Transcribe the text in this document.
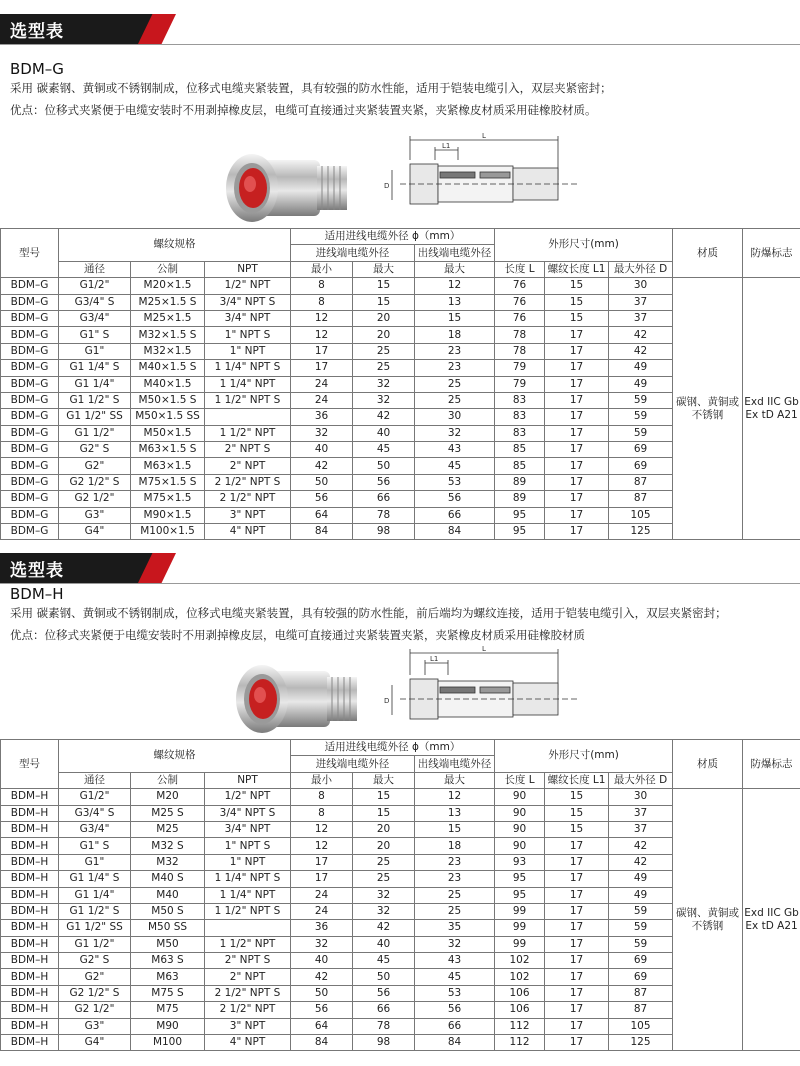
选型表
BDM–G
采用 碳素钢、黄铜或不锈钢制成，位移式电缆夹紧装置，具有较强的防水性能，适用于铠装电缆引入，双层夹紧密封；
优点：位移式夹紧便于电缆安装时不用剥掉橡皮层，电缆可直接通过夹紧装置夹紧，夹紧橡皮材质采用硅橡胶材质。
L
L1
D
型号	螺纹规格			适用进线电缆外径 ϕ（mm）			外形尺寸(mm)			材质	防爆标志
				进线端电缆外径		出线端电缆外径					
	通径	公制	NPT	最小	最大	最大	长度 L	螺纹长度 L1	最大外径 D		
BDM–G	G1/2"	M20×1.5	1/2" NPT	8	15	12	76	15	30	碳钢、黄铜或不锈钢	Exd IIC Gb Ex tD A21
BDM–G	G3/4" S	M25×1.5 S	3/4" NPT S	8	15	13	76	15	37		
BDM–G	G3/4"	M25×1.5	3/4" NPT	12	20	15	76	15	37		
BDM–G	G1" S	M32×1.5 S	1" NPT S	12	20	18	78	17	42		
BDM–G	G1"	M32×1.5	1" NPT	17	25	23	78	17	42		
BDM–G	G1 1/4" S	M40×1.5 S	1 1/4" NPT S	17	25	23	79	17	49		
BDM–G	G1 1/4"	M40×1.5	1 1/4" NPT	24	32	25	79	17	49		
BDM–G	G1 1/2" S	M50×1.5 S	1 1/2" NPT S	24	32	25	83	17	59		
BDM–G	G1 1/2" SS	M50×1.5 SS		36	42	30	83	17	59		
BDM–G	G1 1/2"	M50×1.5	1 1/2" NPT	32	40	32	83	17	59		
BDM–G	G2" S	M63×1.5 S	2" NPT S	40	45	43	85	17	69		
BDM–G	G2"	M63×1.5	2" NPT	42	50	45	85	17	69		
BDM–G	G2 1/2" S	M75×1.5 S	2 1/2" NPT S	50	56	53	89	17	87		
BDM–G	G2 1/2"	M75×1.5	2 1/2" NPT	56	66	56	89	17	87		
BDM–G	G3"	M90×1.5	3" NPT	64	78	66	95	17	105		
BDM–G	G4"	M100×1.5	4" NPT	84	98	84	95	17	125		
选型表
BDM–H
采用 碳素钢、黄铜或不锈钢制成，位移式电缆夹紧装置，具有较强的防水性能，前后端均为螺纹连接，适用于铠装电缆引入，双层夹紧密封；
优点：位移式夹紧便于电缆安装时不用剥掉橡皮层，电缆可直接通过夹紧装置夹紧，夹紧橡皮材质采用硅橡胶材质
L
L1
D
型号	螺纹规格			适用进线电缆外径 ϕ（mm）			外形尺寸(mm)			材质	防爆标志
				进线端电缆外径		出线端电缆外径					
	通径	公制	NPT	最小	最大	最大	长度 L	螺纹长度 L1	最大外径 D		
BDM–H	G1/2"	M20	1/2" NPT	8	15	12	90	15	30	碳钢、黄铜或不锈钢	Exd IIC Gb Ex tD A21
BDM–H	G3/4" S	M25 S	3/4" NPT S	8	15	13	90	15	37		
BDM–H	G3/4"	M25	3/4" NPT	12	20	15	90	15	37		
BDM–H	G1" S	M32 S	1" NPT S	12	20	18	90	17	42		
BDM–H	G1"	M32	1" NPT	17	25	23	93	17	42		
BDM–H	G1 1/4" S	M40 S	1 1/4" NPT S	17	25	23	95	17	49		
BDM–H	G1 1/4"	M40	1 1/4" NPT	24	32	25	95	17	49		
BDM–H	G1 1/2" S	M50 S	1 1/2" NPT S	24	32	25	99	17	59		
BDM–H	G1 1/2" SS	M50 SS		36	42	35	99	17	59		
BDM–H	G1 1/2"	M50	1 1/2" NPT	32	40	32	99	17	59		
BDM–H	G2" S	M63 S	2" NPT S	40	45	43	102	17	69		
BDM–H	G2"	M63	2" NPT	42	50	45	102	17	69		
BDM–H	G2 1/2" S	M75 S	2 1/2" NPT S	50	56	53	106	17	87		
BDM–H	G2 1/2"	M75	2 1/2" NPT	56	66	56	106	17	87		
BDM–H	G3"	M90	3" NPT	64	78	66	112	17	105		
BDM–H	G4"	M100	4" NPT	84	98	84	112	17	125		
